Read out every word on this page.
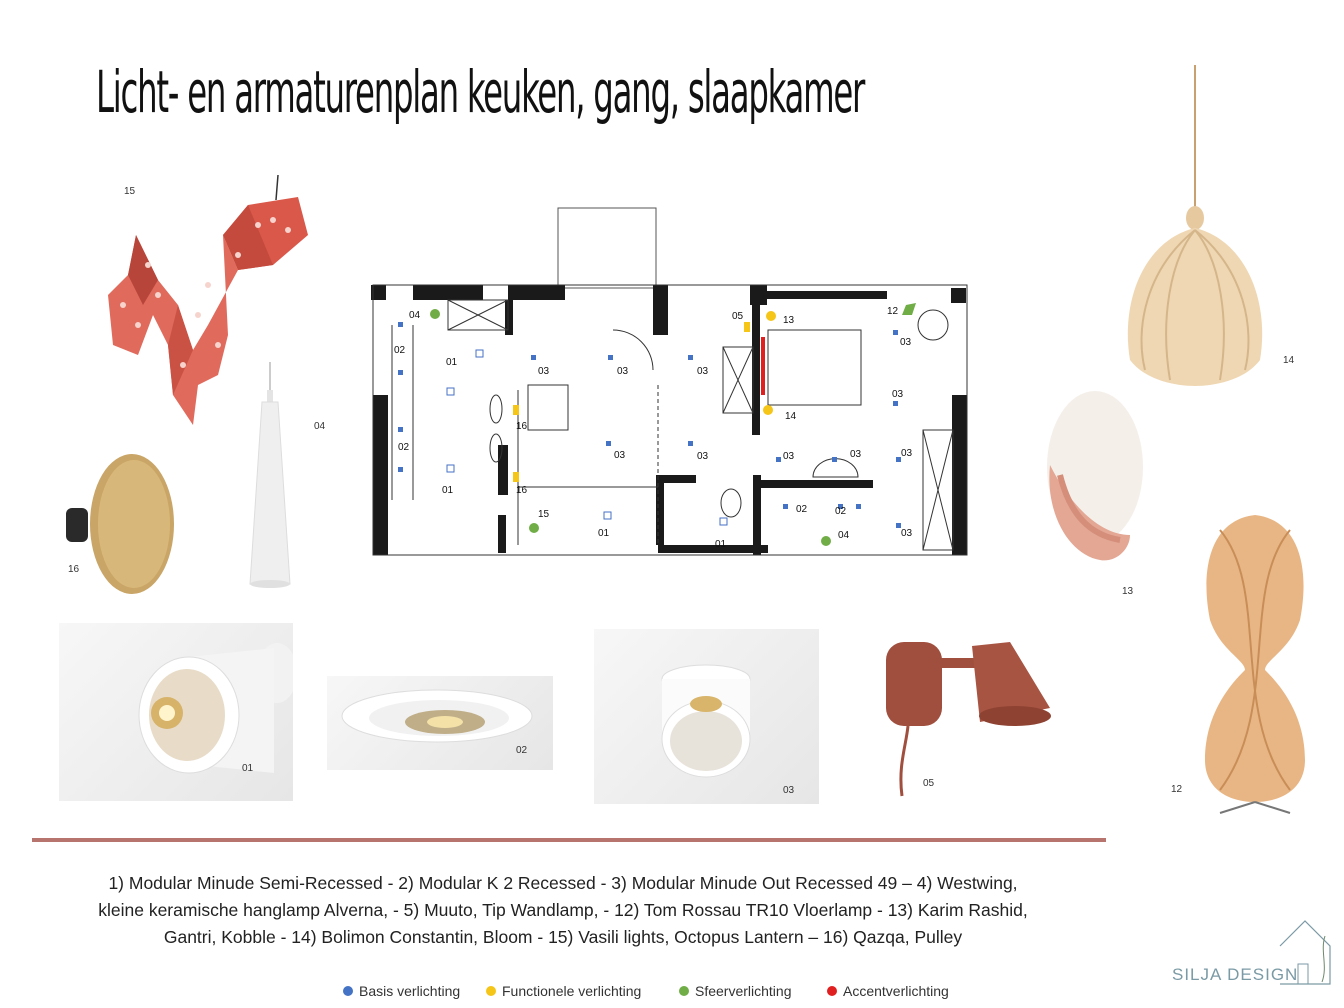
Licht- en armaturenplan keuken, gang, slaapkamer
15
04
16
01
02
03
05
14
13
12
04
02
01
02
01
03	03	03
16
16
03
15
01
05	13
14
03	03	03
12
03
03
02	02
04
03
01
03
1) Modular Minude Semi-Recessed - 2) Modular K 2 Recessed - 3) Modular Minude Out Recessed 49 – 4) Westwing,
kleine keramische hanglamp Alverna, - 5) Muuto, Tip Wandlamp, - 12) Tom Rossau TR10 Vloerlamp - 13) Karim Rashid,
Gantri, Kobble - 14) Bolimon Constantin, Bloom - 15) Vasili lights, Octopus Lantern – 16) Qazqa, Pulley
Basis verlichting	Functionele verlichting	Sfeerverlichting	Accentverlichting
SILJA DESIGN
